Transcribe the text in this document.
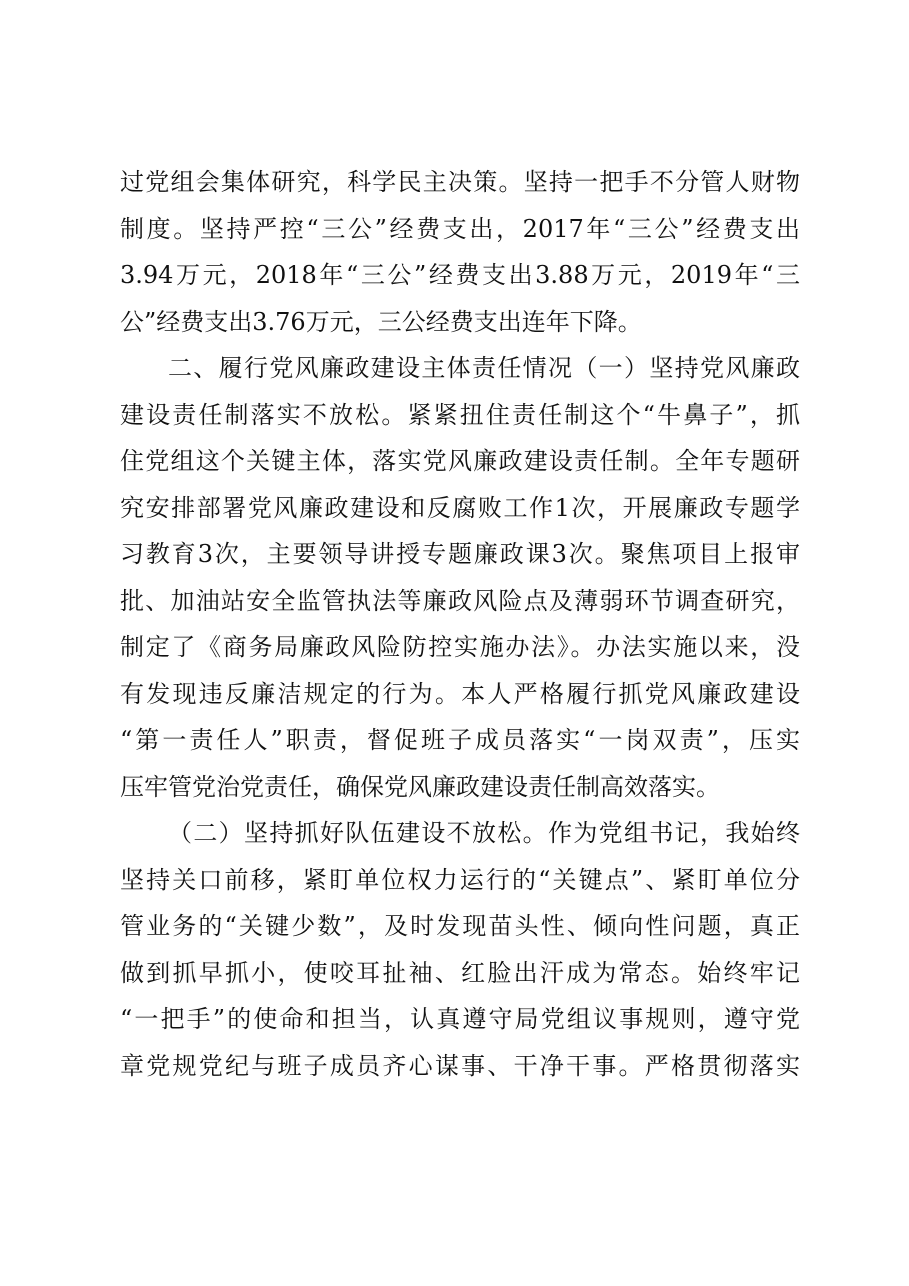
过党组会集体研究，科学民主决策。坚持一把手不分管人财物
制度。坚持严控“三公”经费支出，2017年“三公”经费支出
3.94万元，2018年“三公”经费支出3.88万元，2019年“三
公”经费支出3.76万元，三公经费支出连年下降。
二、履行党风廉政建设主体责任情况（一）坚持党风廉政
建设责任制落实不放松。紧紧扭住责任制这个“牛鼻子”，抓
住党组这个关键主体，落实党风廉政建设责任制。全年专题研
究安排部署党风廉政建设和反腐败工作1次，开展廉政专题学
习教育3次，主要领导讲授专题廉政课3次。聚焦项目上报审
批、加油站安全监管执法等廉政风险点及薄弱环节调查研究，
制定了《商务局廉政风险防控实施办法》。办法实施以来，没
有发现违反廉洁规定的行为。本人严格履行抓党风廉政建设
“第一责任人”职责，督促班子成员落实“一岗双责”，压实
压牢管党治党责任，确保党风廉政建设责任制高效落实。
（二）坚持抓好队伍建设不放松。作为党组书记，我始终
坚持关口前移，紧盯单位权力运行的“关键点”、紧盯单位分
管业务的“关键少数”，及时发现苗头性、倾向性问题，真正
做到抓早抓小，使咬耳扯袖、红脸出汗成为常态。始终牢记
“一把手”的使命和担当，认真遵守局党组议事规则，遵守党
章党规党纪与班子成员齐心谋事、干净干事。严格贯彻落实
